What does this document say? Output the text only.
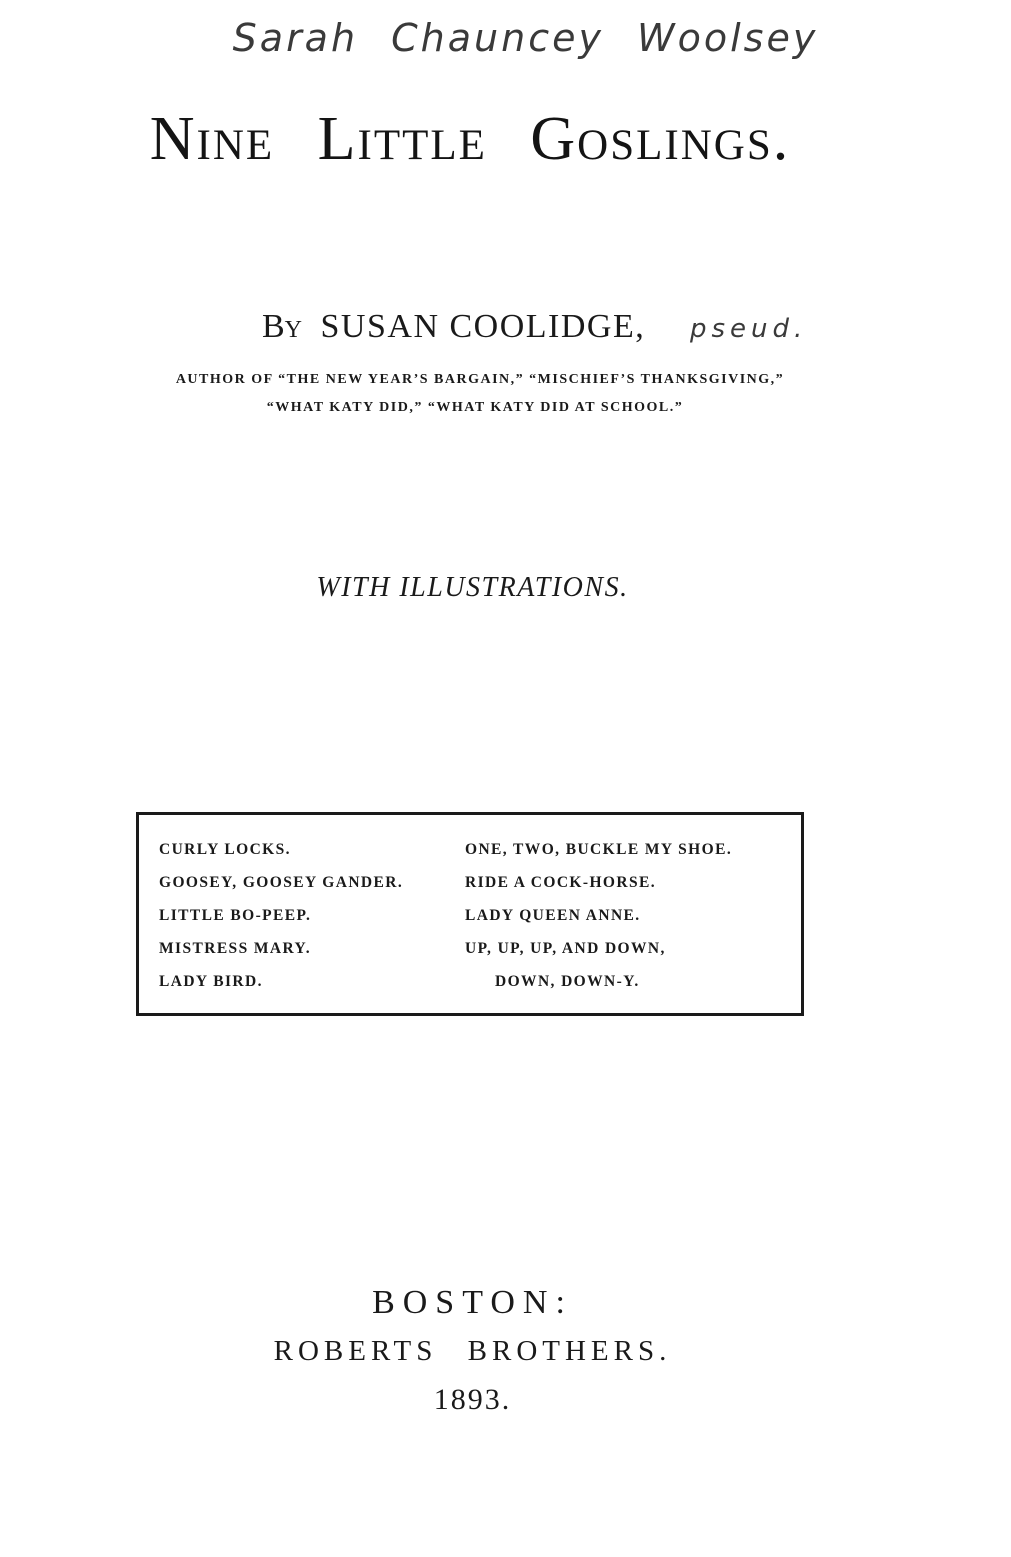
Sarah Chauncey Woolsey
Nine Little Goslings.
By SUSAN COOLIDGE, pseud.
AUTHOR OF “THE NEW YEAR’S BARGAIN,” “MISCHIEF’S THANKSGIVING,”
“WHAT KATY DID,” “WHAT KATY DID AT SCHOOL.”
WITH ILLUSTRATIONS.
CURLY LOCKS.
GOOSEY, GOOSEY GANDER.
LITTLE BO-PEEP.
MISTRESS MARY.
LADY BIRD.
ONE, TWO, BUCKLE MY SHOE.
RIDE A COCK-HORSE.
LADY QUEEN ANNE.
UP, UP, UP, AND DOWN,
DOWN, DOWN-Y.
BOSTON:
ROBERTS BROTHERS.
1893.
